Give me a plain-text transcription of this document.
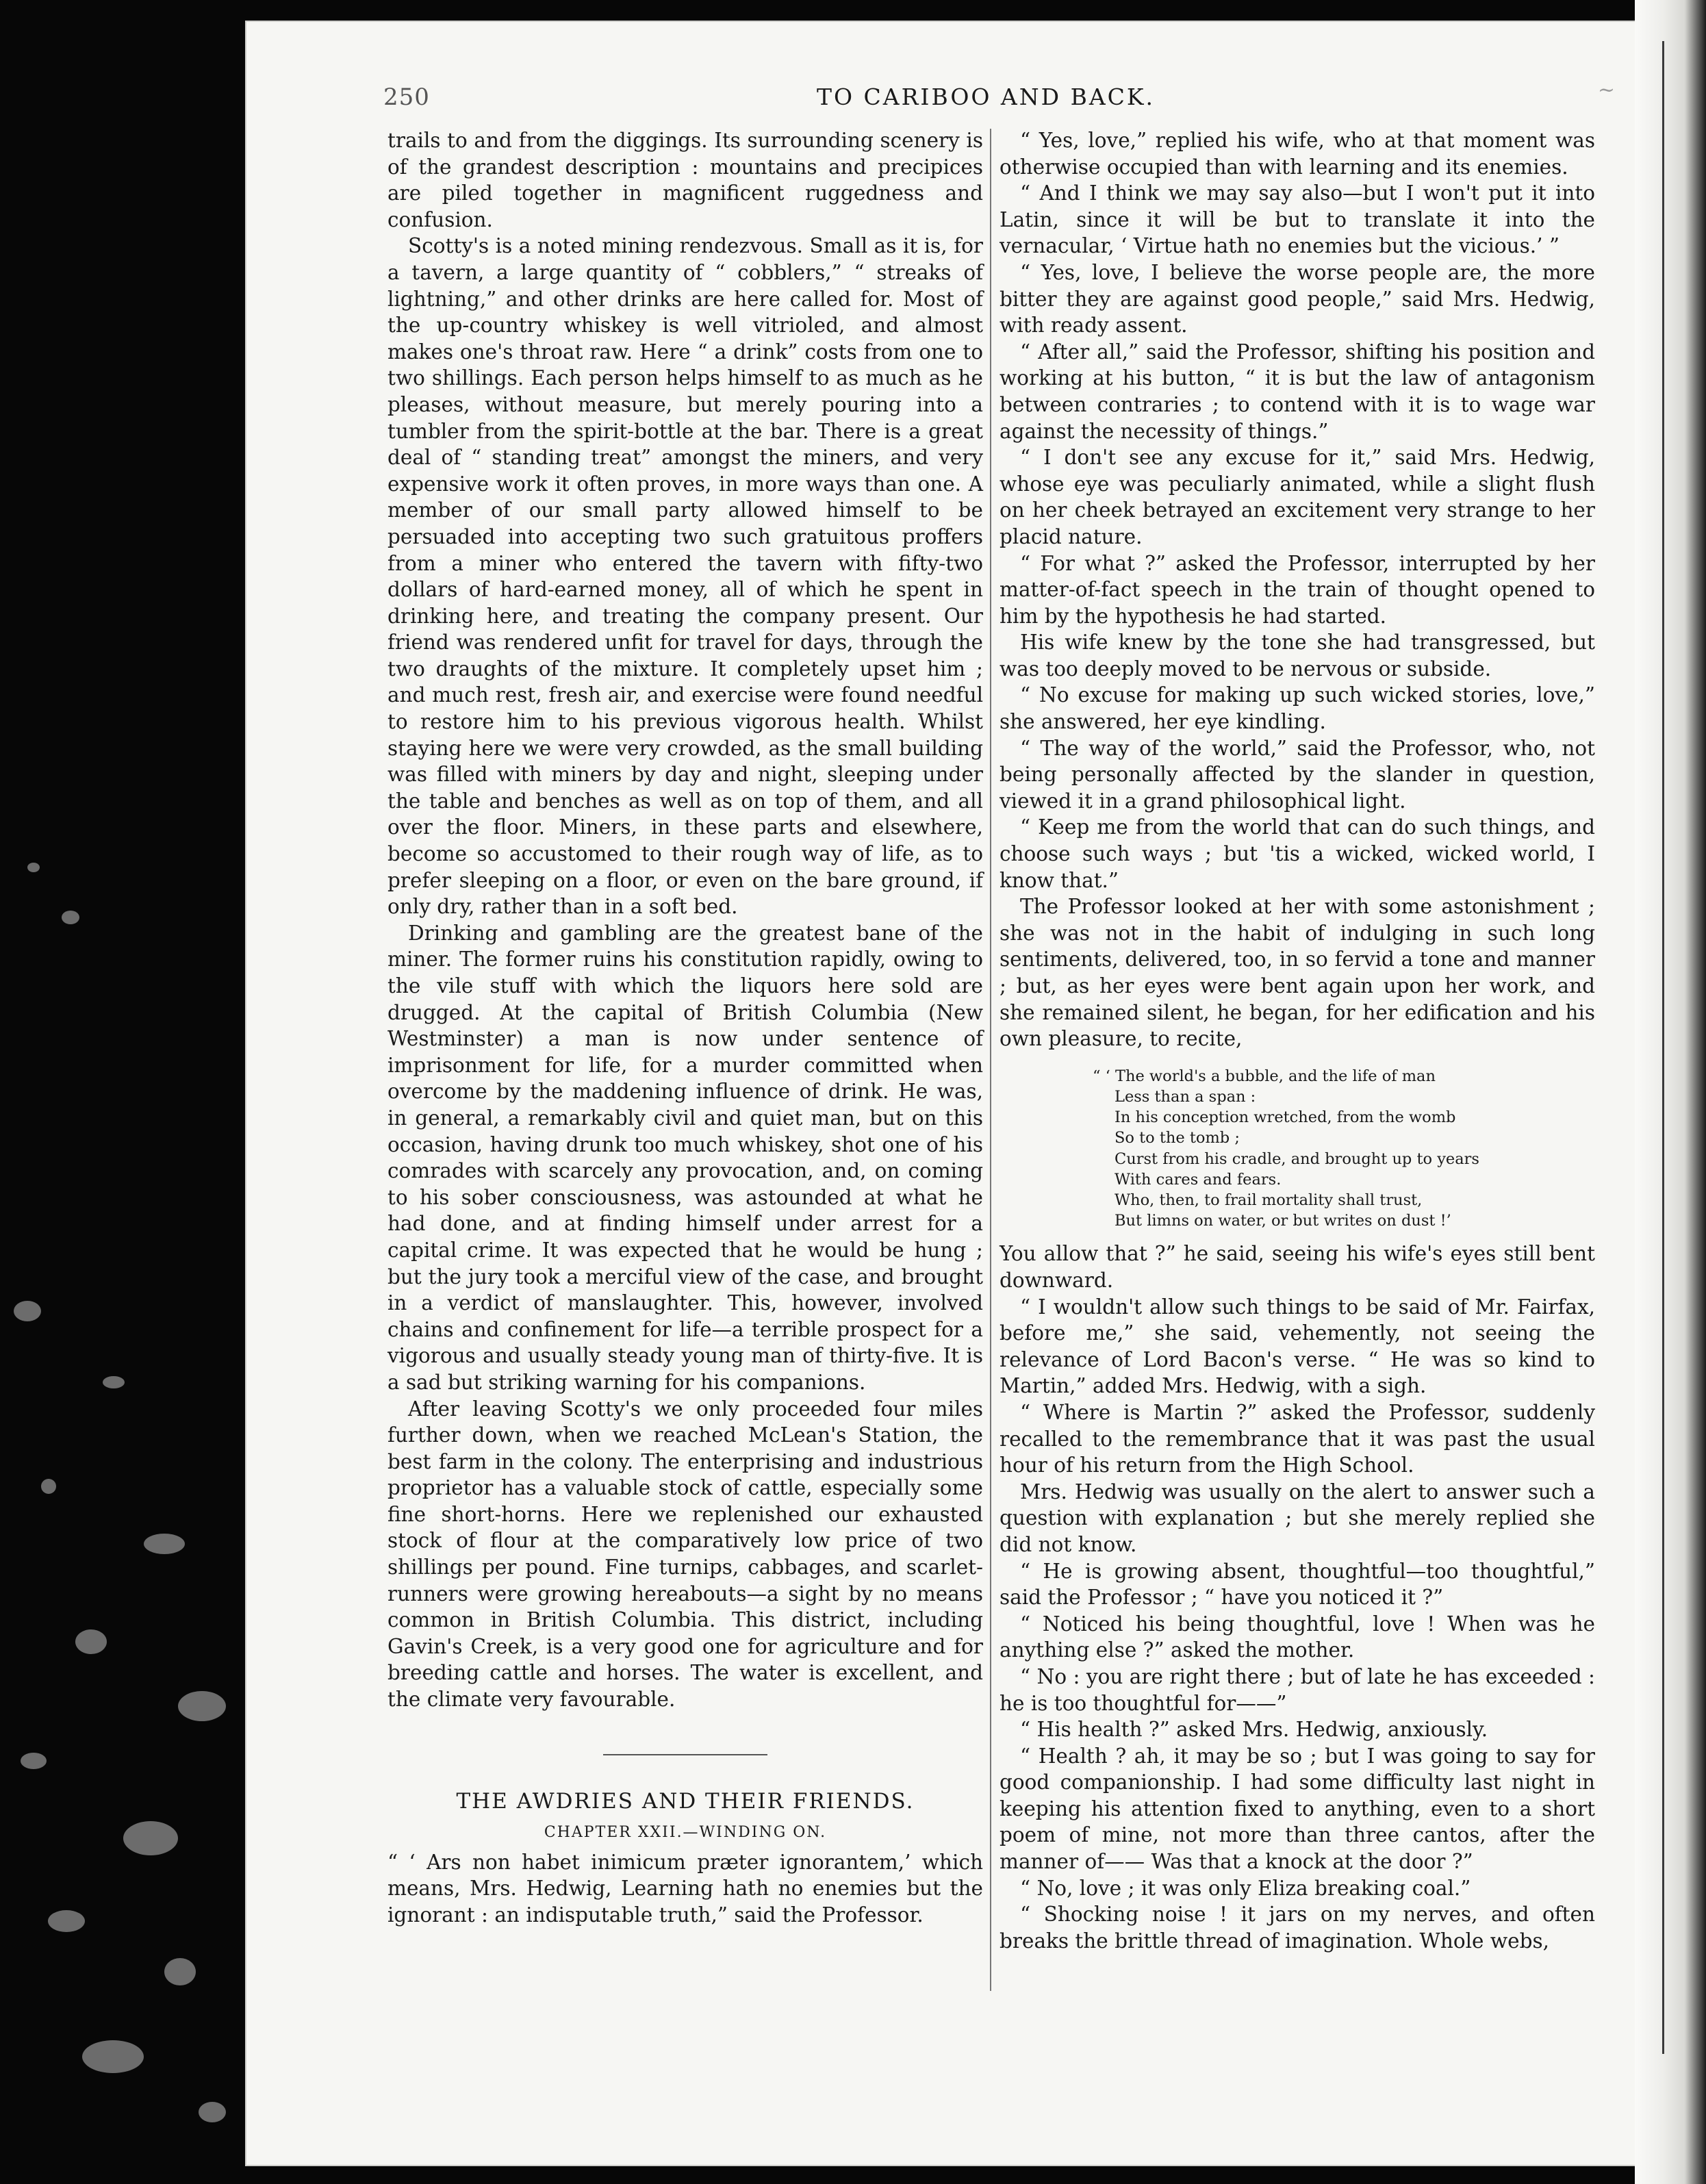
250	TO CARIBOO AND BACK.	~

trails to and from the diggings. Its surrounding scenery is of the grandest description : mountains and precipices are piled together in magnificent ruggedness and confusion.

Scotty's is a noted mining rendezvous. Small as it is, for a tavern, a large quantity of “ cobblers,” “ streaks of lightning,” and other drinks are here called for. Most of the up-country whiskey is well vitrioled, and almost makes one's throat raw. Here “ a drink” costs from one to two shillings. Each person helps himself to as much as he pleases, without measure, but merely pouring into a tumbler from the spirit-bottle at the bar. There is a great deal of “ standing treat” amongst the miners, and very expensive work it often proves, in more ways than one. A member of our small party allowed himself to be persuaded into accepting two such gratuitous proffers from a miner who entered the tavern with fifty-two dollars of hard-earned money, all of which he spent in drinking here, and treating the company present. Our friend was rendered unfit for travel for days, through the two draughts of the mixture. It completely upset him ; and much rest, fresh air, and exercise were found needful to restore him to his previous vigorous health. Whilst staying here we were very crowded, as the small building was filled with miners by day and night, sleeping under the table and benches as well as on top of them, and all over the floor. Miners, in these parts and elsewhere, become so accustomed to their rough way of life, as to prefer sleeping on a floor, or even on the bare ground, if only dry, rather than in a soft bed.

Drinking and gambling are the greatest bane of the miner. The former ruins his constitution rapidly, owing to the vile stuff with which the liquors here sold are drugged. At the capital of British Columbia (New Westminster) a man is now under sentence of imprisonment for life, for a murder committed when overcome by the maddening influence of drink. He was, in general, a remarkably civil and quiet man, but on this occasion, having drunk too much whiskey, shot one of his comrades with scarcely any provocation, and, on coming to his sober consciousness, was astounded at what he had done, and at finding himself under arrest for a capital crime. It was expected that he would be hung ; but the jury took a merciful view of the case, and brought in a verdict of manslaughter. This, however, involved chains and confinement for life—a terrible prospect for a vigorous and usually steady young man of thirty-five. It is a sad but striking warning for his companions.

After leaving Scotty's we only proceeded four miles further down, when we reached McLean's Station, the best farm in the colony. The enterprising and industrious proprietor has a valuable stock of cattle, especially some fine short-horns. Here we replenished our exhausted stock of flour at the comparatively low price of two shillings per pound. Fine turnips, cabbages, and scarlet-runners were growing hereabouts—a sight by no means common in British Columbia. This district, including Gavin's Creek, is a very good one for agriculture and for breeding cattle and horses. The water is excellent, and the climate very favourable.

THE AWDRIES AND THEIR FRIENDS.
CHAPTER XXII.—WINDING ON.

“ ‘ Ars non habet inimicum præter ignorantem,’ which means, Mrs. Hedwig, Learning hath no enemies but the ignorant : an indisputable truth,” said the Professor.

“ Yes, love,” replied his wife, who at that moment was otherwise occupied than with learning and its enemies.

“ And I think we may say also—but I won't put it into Latin, since it will be but to translate it into the vernacular, ‘ Virtue hath no enemies but the vicious.’ ”

“ Yes, love, I believe the worse people are, the more bitter they are against good people,” said Mrs. Hedwig, with ready assent.

“ After all,” said the Professor, shifting his position and working at his button, “ it is but the law of antagonism between contraries ; to contend with it is to wage war against the necessity of things.”

“ I don't see any excuse for it,” said Mrs. Hedwig, whose eye was peculiarly animated, while a slight flush on her cheek betrayed an excitement very strange to her placid nature.

“ For what ?” asked the Professor, interrupted by her matter-of-fact speech in the train of thought opened to him by the hypothesis he had started.

His wife knew by the tone she had transgressed, but was too deeply moved to be nervous or subside.

“ No excuse for making up such wicked stories, love,” she answered, her eye kindling.

“ The way of the world,” said the Professor, who, not being personally affected by the slander in question, viewed it in a grand philosophical light.

“ Keep me from the world that can do such things, and choose such ways ; but 'tis a wicked, wicked world, I know that.”

The Professor looked at her with some astonishment ; she was not in the habit of indulging in such long sentiments, delivered, too, in so fervid a tone and manner ; but, as her eyes were bent again upon her work, and she remained silent, he began, for her edification and his own pleasure, to recite,

“ ‘ The world's a bubble, and the life of man
Less than a span :
In his conception wretched, from the womb
So to the tomb ;
Curst from his cradle, and brought up to years
With cares and fears.
Who, then, to frail mortality shall trust,
But limns on water, or but writes on dust !’

You allow that ?” he said, seeing his wife's eyes still bent downward.

“ I wouldn't allow such things to be said of Mr. Fairfax, before me,” she said, vehemently, not seeing the relevance of Lord Bacon's verse. “ He was so kind to Martin,” added Mrs. Hedwig, with a sigh.

“ Where is Martin ?” asked the Professor, suddenly recalled to the remembrance that it was past the usual hour of his return from the High School.

Mrs. Hedwig was usually on the alert to answer such a question with explanation ; but she merely replied she did not know.

“ He is growing absent, thoughtful—too thoughtful,” said the Professor ; “ have you noticed it ?”

“ Noticed his being thoughtful, love ! When was he anything else ?” asked the mother.

“ No : you are right there ; but of late he has exceeded : he is too thoughtful for——”

“ His health ?” asked Mrs. Hedwig, anxiously.

“ Health ? ah, it may be so ; but I was going to say for good companionship. I had some difficulty last night in keeping his attention fixed to anything, even to a short poem of mine, not more than three cantos, after the manner of—— Was that a knock at the door ?”

“ No, love ; it was only Eliza breaking coal.”

“ Shocking noise ! it jars on my nerves, and often breaks the brittle thread of imagination. Whole webs,
